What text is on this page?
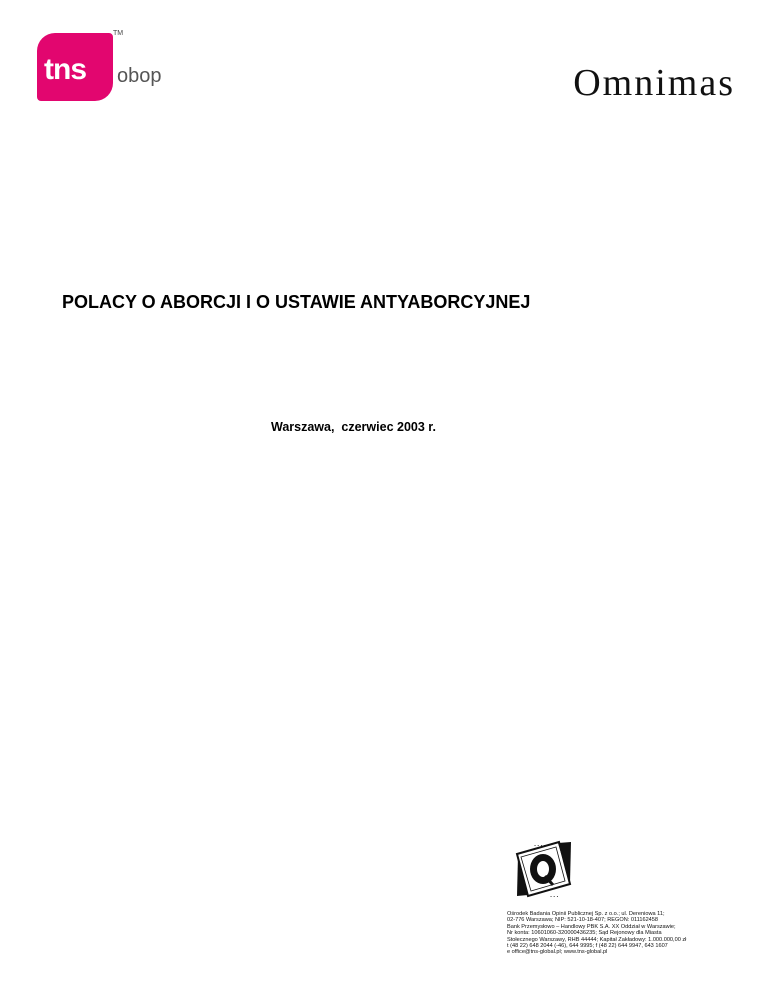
tns
TM
obop	Omnimas
POLACY O ABORCJI I O USTAWIE ANTYABORCYJNEJ
Warszawa,  czerwiec 2003 r.
• • • •
• • •
Ośrodek Badania Opinii Publicznej Sp. z o.o.; ul. Dereniowa 11;
02-776 Warszawa; NIP: 521-10-18-407; REGON: 011162458
Bank Przemysłowo – Handlowy PBK S.A. XX Oddział w Warszawie;
Nr konta: 10601060-320000436235; Sąd Rejonowy dla Miasta
Stołecznego Warszawy, RHB 44444; Kapitał Zakładowy: 1.000.000,00 zł
t (48 22) 648 2044 (-46), 644 9995; f (48 22) 644 9947, 643 1607
e office@tns-global.pl; www.tns-global.pl
